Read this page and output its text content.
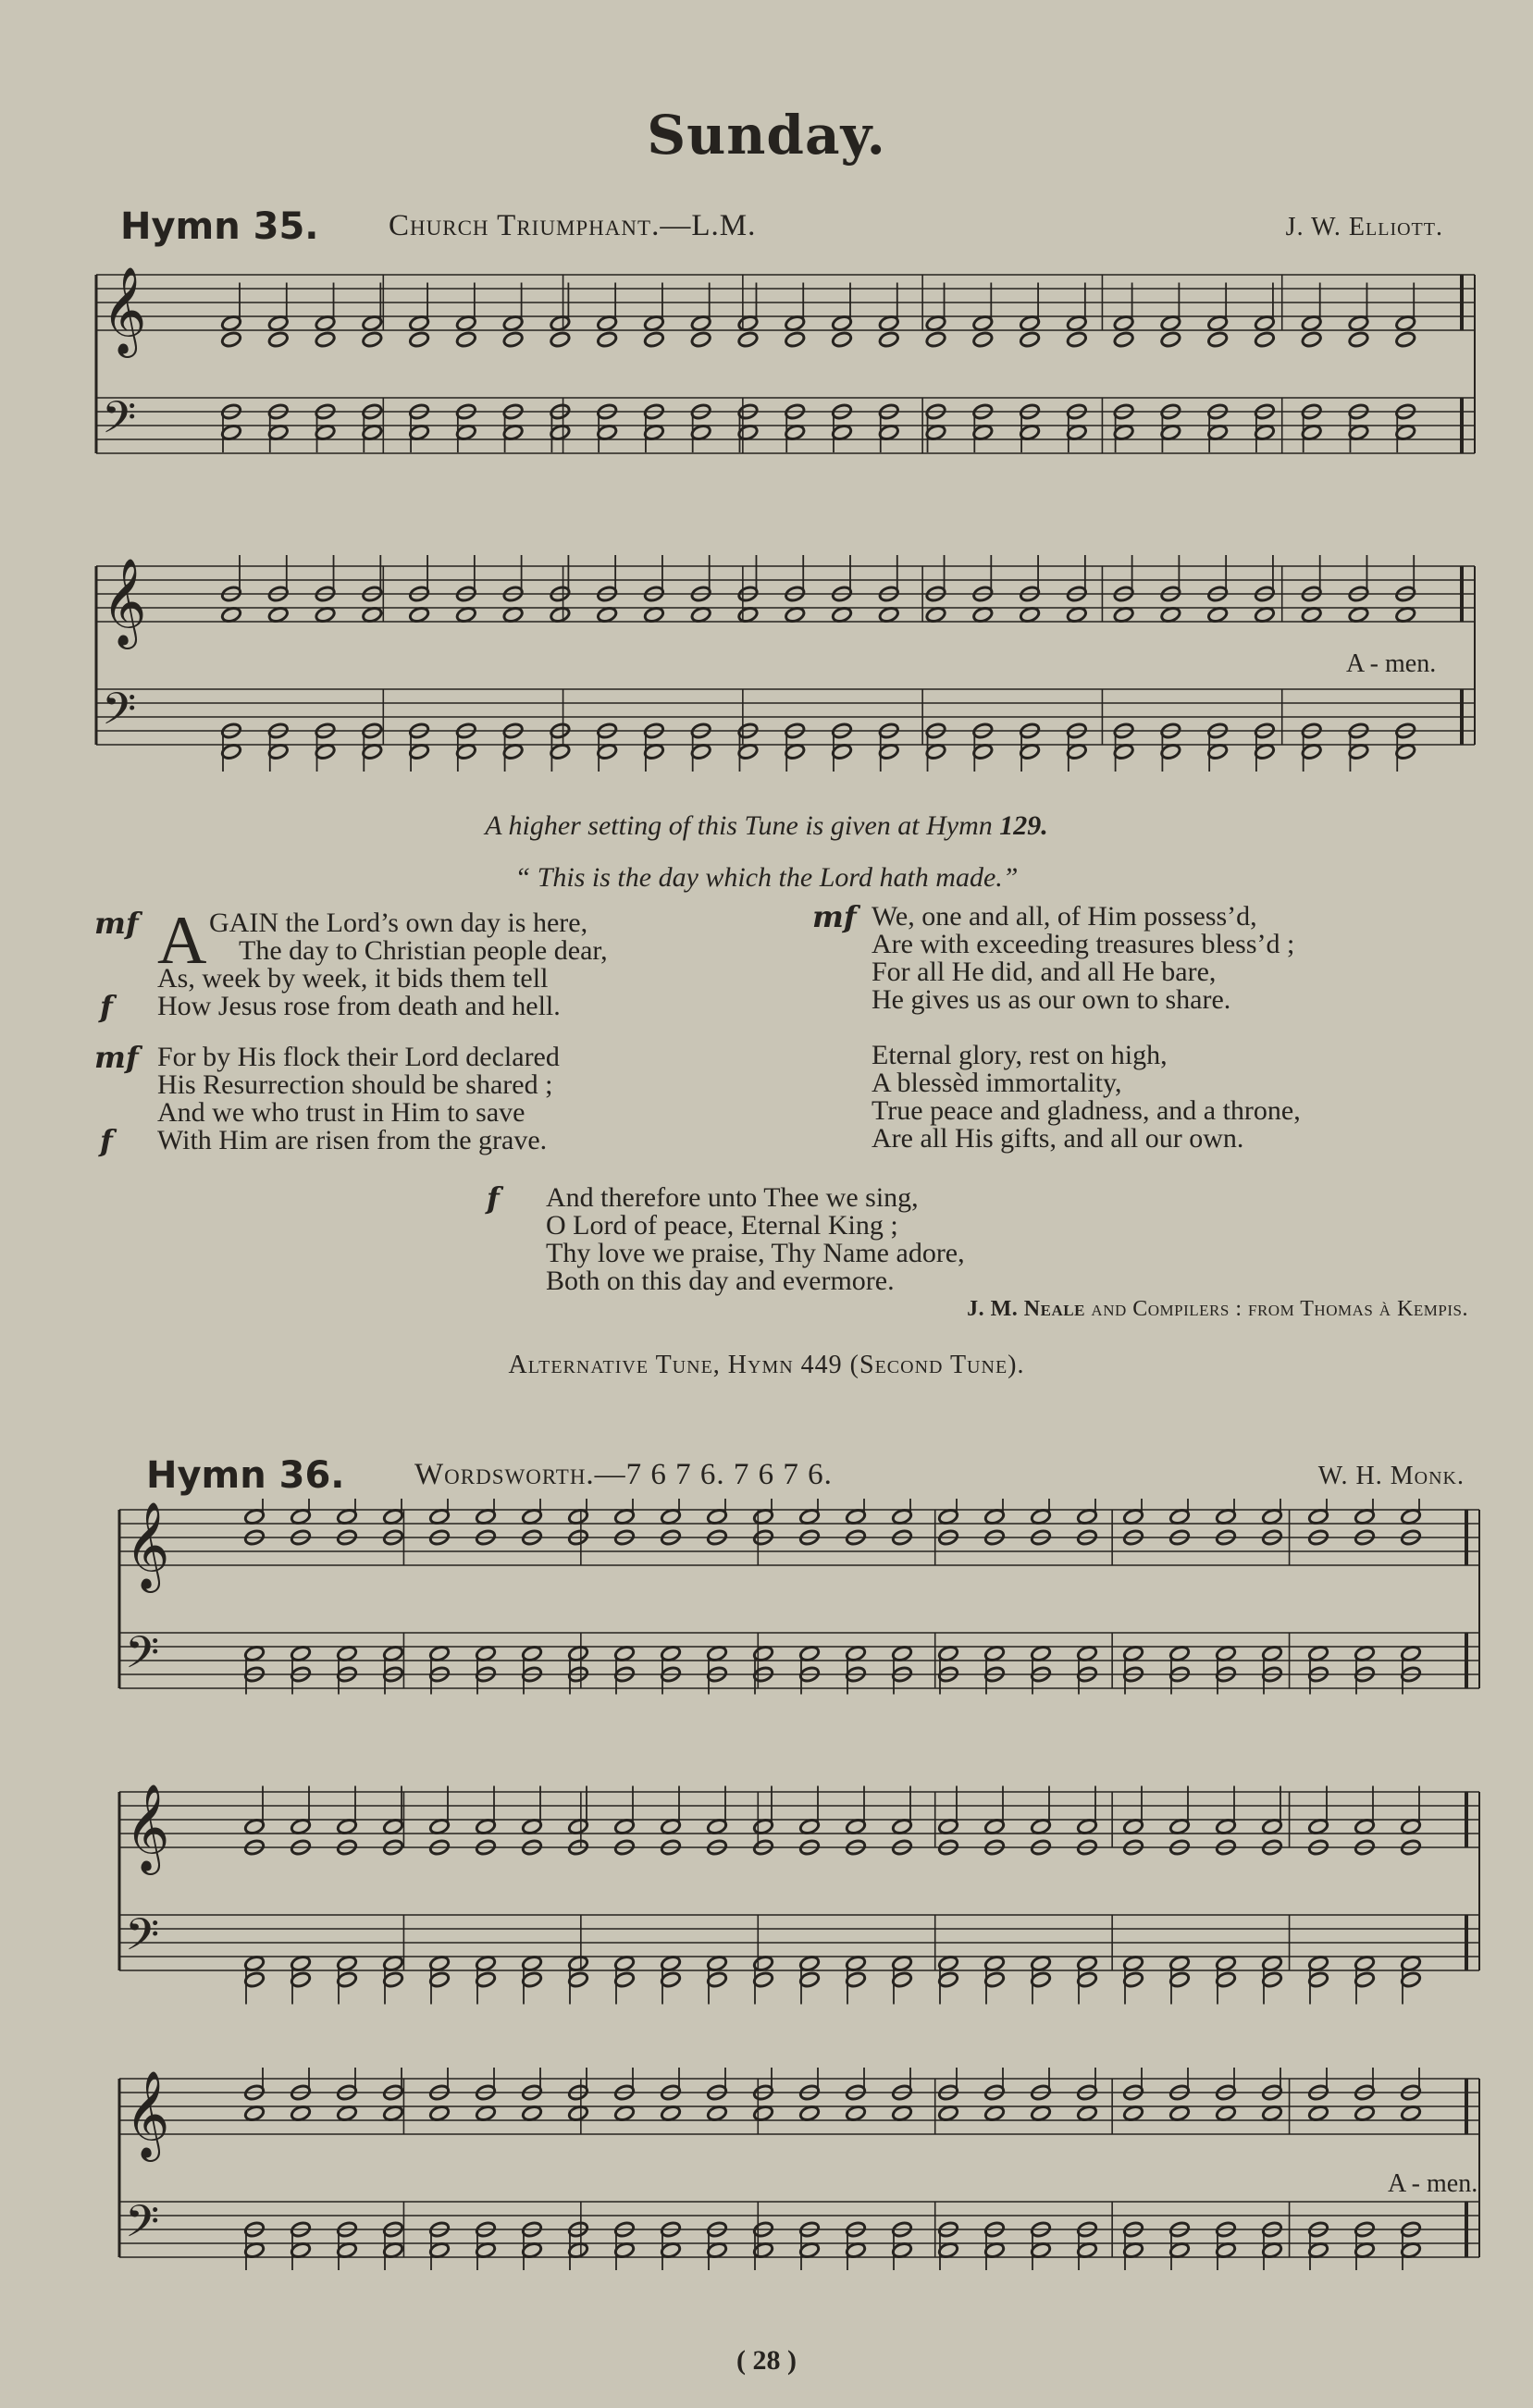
Sunday.
Hymn 35. Church Triumphant.—L.M.	J. W. Elliott.
𝄞
𝄢
𝄞
𝄢
A - men.
A higher setting of this Tune is given at Hymn 129.
“ This is the day which the Lord hath made.”
A
mf	GAIN the Lord’s own day is here,
The day to Christian people dear,
As, week by week, it bids them tell
f How Jesus rose from death and hell.
mf For by His flock their Lord declared
His Resurrection should be shared ;
And we who trust in Him to save
f With Him are risen from the grave.
mf We, one and all, of Him possess’d,
Are with exceeding treasures bless’d ;
For all He did, and all He bare,
He gives us as our own to share.
Eternal glory, rest on high,
A blessèd immortality,
True peace and gladness, and a throne,
Are all His gifts, and all our own.
f And therefore unto Thee we sing,
O Lord of peace, Eternal King ;
Thy love we praise, Thy Name adore,
Both on this day and evermore.
J. M. Neale and Compilers : from Thomas à Kempis.
Alternative Tune, Hymn 449 (Second Tune).
Hymn 36. Wordsworth.—7 6 7 6. 7 6 7 6.	W. H. Monk.
𝄞
𝄢
𝄞
𝄢
𝄞
𝄢
A - men.
( 28 )
